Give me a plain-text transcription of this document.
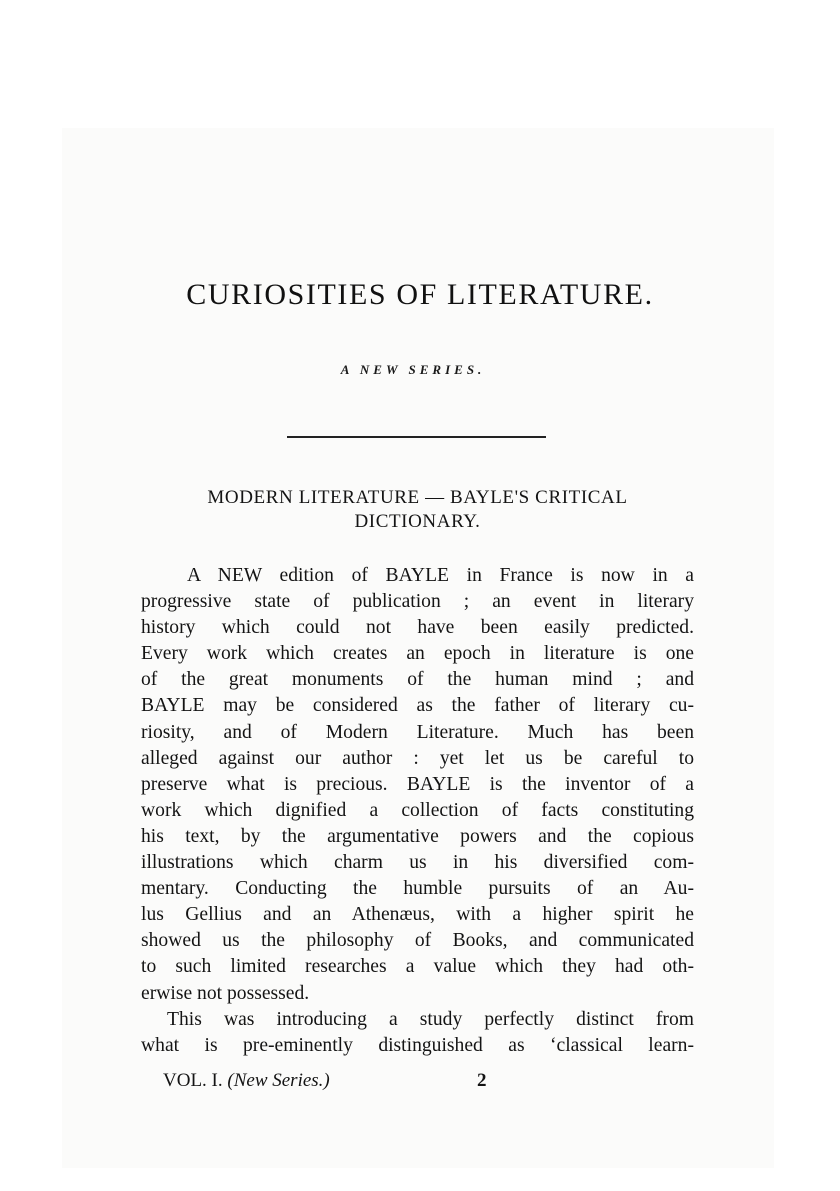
CURIOSITIES OF LITERATURE.
A NEW SERIES.
MODERN LITERATURE — BAYLE'S CRITICAL
DICTIONARY.
A NEW edition of BAYLE in France is now in a
progressive state of publication ; an event in literary
history which could not have been easily predicted.
Every work which creates an epoch in literature is one
of the great monuments of the human mind ; and
BAYLE may be considered as the father of literary cu-
riosity, and of Modern Literature. Much has been
alleged against our author : yet let us be careful to
preserve what is precious. BAYLE is the inventor of a
work which dignified a collection of facts constituting
his text, by the argumentative powers and the copious
illustrations which charm us in his diversified com-
mentary. Conducting the humble pursuits of an Au-
lus Gellius and an Athenæus, with a higher spirit he
showed us the philosophy of Books, and communicated
to such limited researches a value which they had oth-
erwise not possessed.
This was introducing a study perfectly distinct from
what is pre-eminently distinguished as ‘classical learn-
VOL. I. (New Series.)	2
